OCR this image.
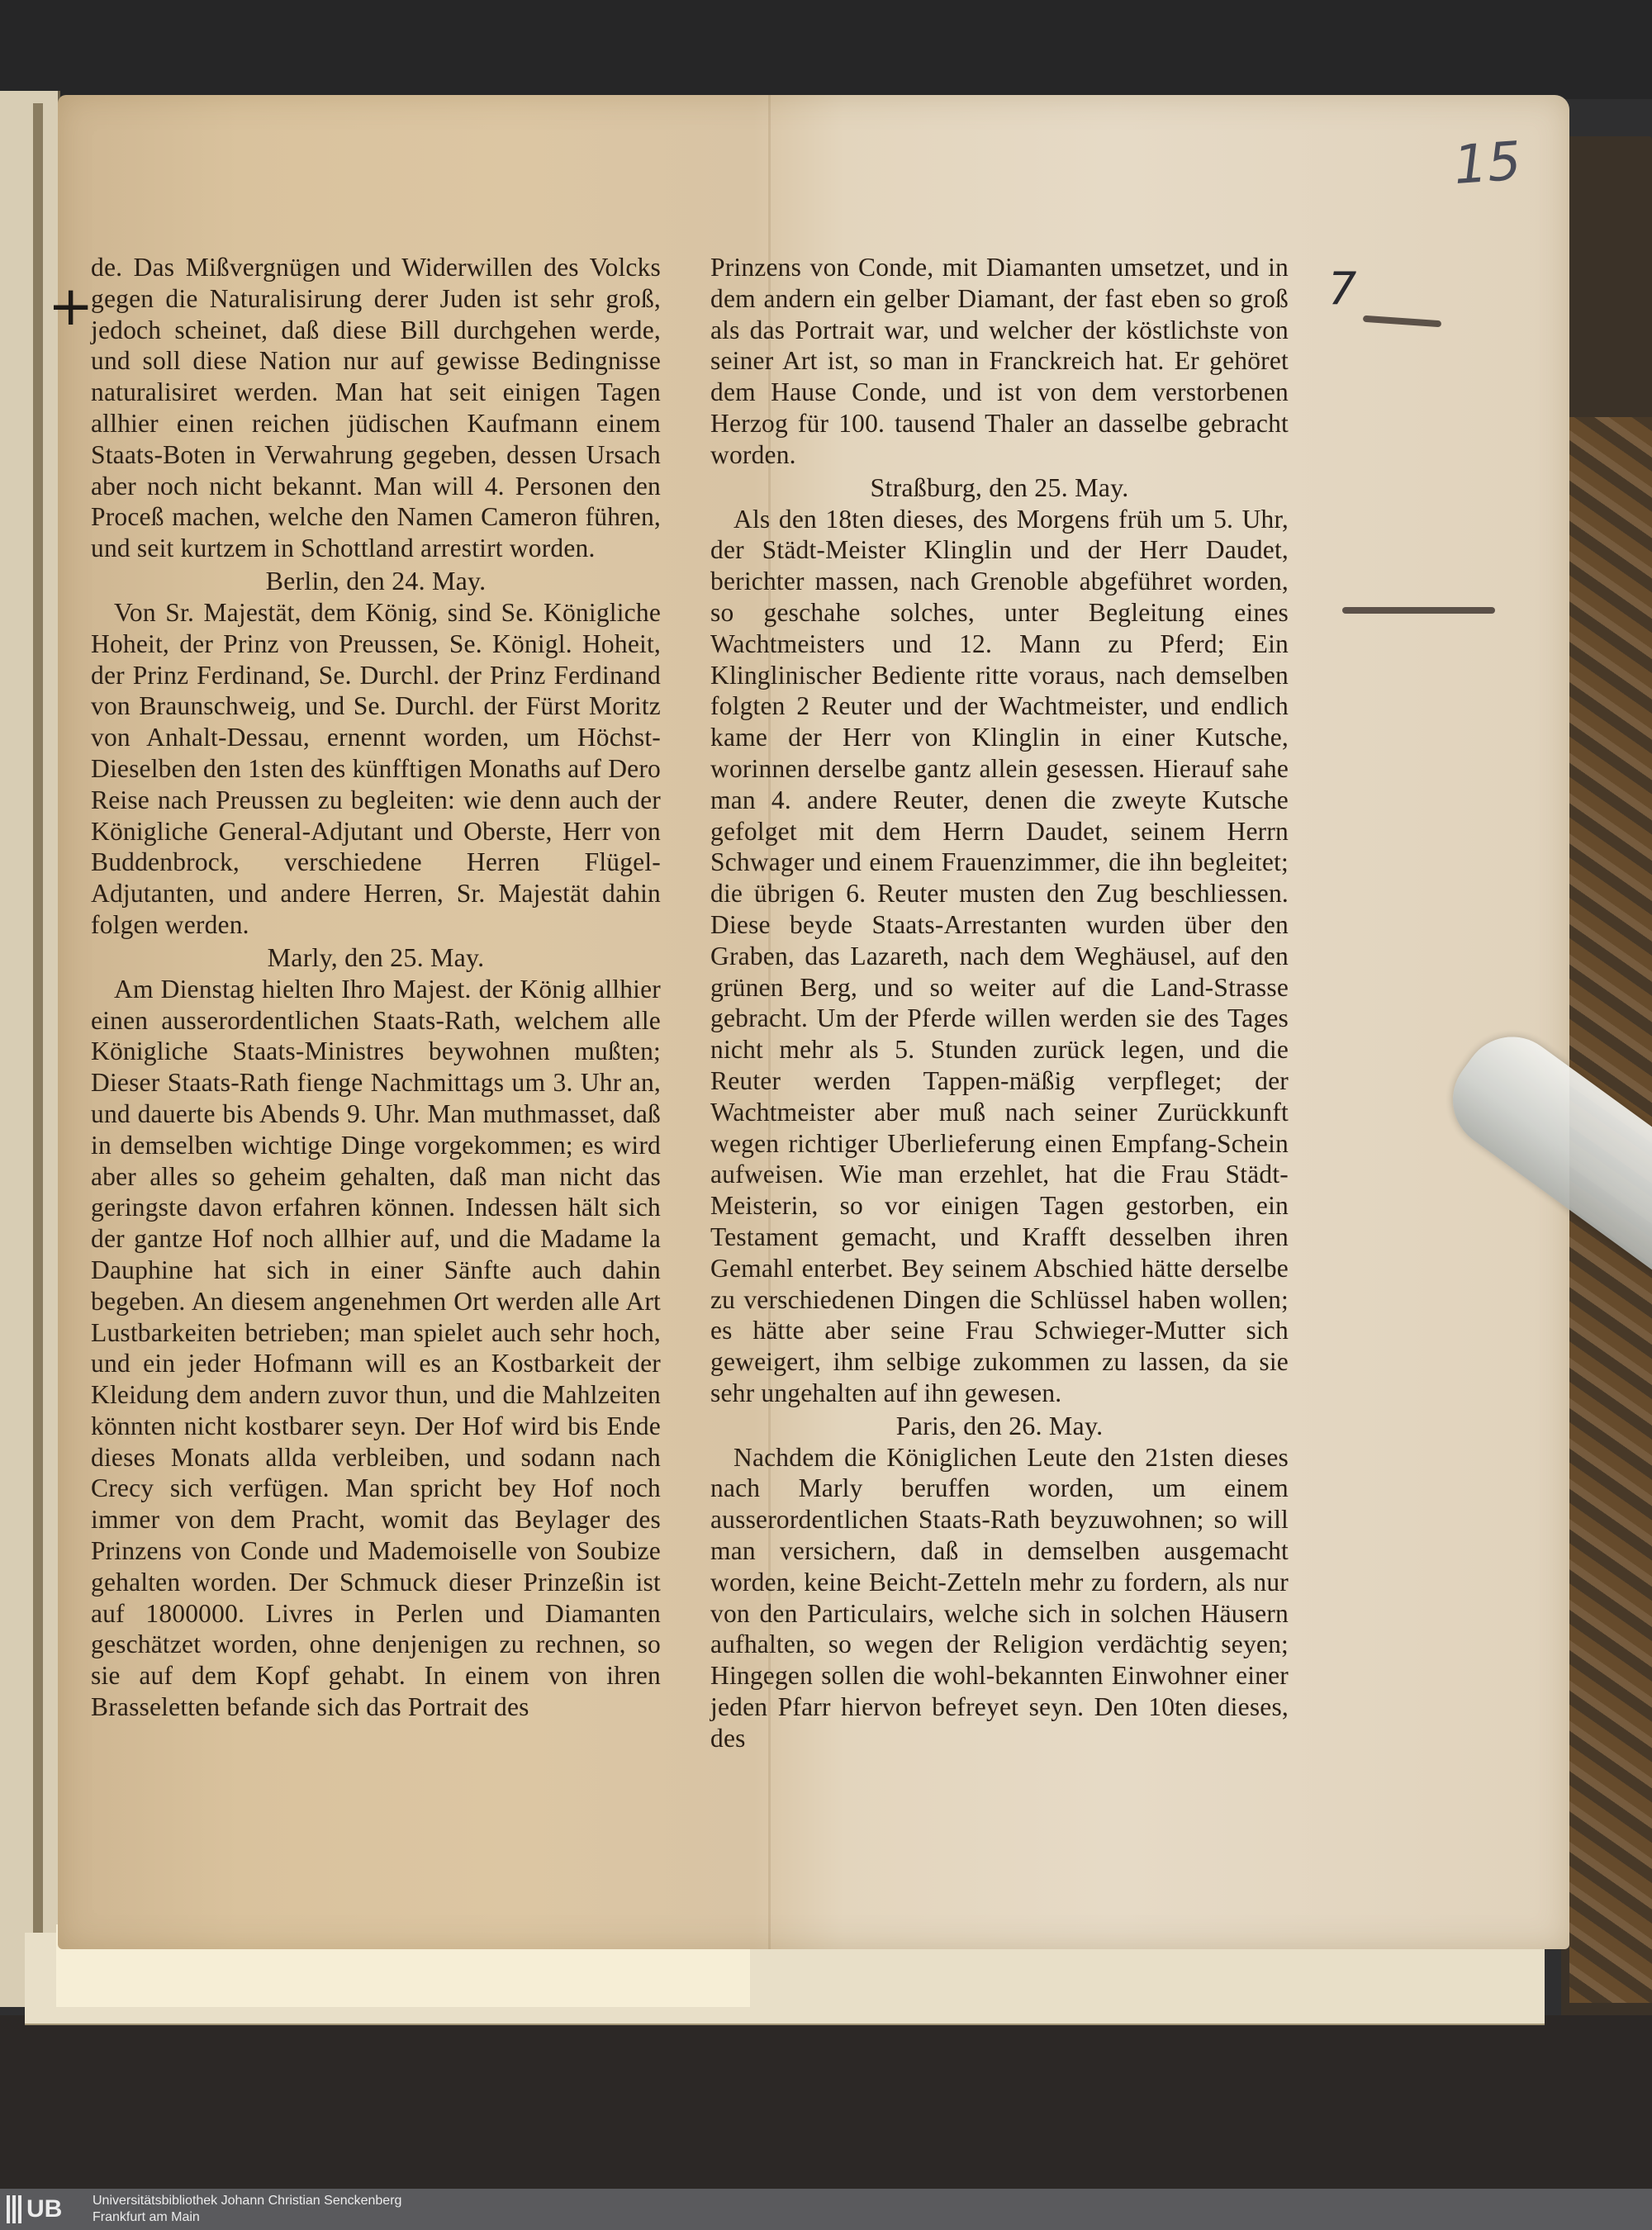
15
+	7

de. Das Mißvergnügen und Widerwillen des Volcks gegen die Naturalisirung derer Juden ist sehr groß, jedoch scheinet, daß diese Bill durchgehen werde, und soll diese Nation nur auf gewisse Bedingnisse naturalisiret werden. Man hat seit einigen Tagen allhier einen reichen jüdischen Kaufmann einem Staats-Boten in Verwahrung gegeben, dessen Ursach aber noch nicht bekannt. Man will 4. Personen den Proceß machen, welche den Namen Cameron führen, und seit kurtzem in Schottland arrestirt worden.

Berlin, den 24. May.

Von Sr. Majestät, dem König, sind Se. Königliche Hoheit, der Prinz von Preussen, Se. Königl. Hoheit, der Prinz Ferdinand, Se. Durchl. der Prinz Ferdinand von Braunschweig, und Se. Durchl. der Fürst Moritz von Anhalt-Dessau, ernennt worden, um Höchst-Dieselben den 1sten des künfftigen Monaths auf Dero Reise nach Preussen zu begleiten: wie denn auch der Königliche General-Adjutant und Oberste, Herr von Buddenbrock, verschiedene Herren Flügel-Adjutanten, und andere Herren, Sr. Majestät dahin folgen werden.

Marly, den 25. May.

Am Dienstag hielten Ihro Majest. der König allhier einen ausserordentlichen Staats-Rath, welchem alle Königliche Staats-Ministres beywohnen mußten; Dieser Staats-Rath fienge Nachmittags um 3. Uhr an, und dauerte bis Abends 9. Uhr. Man muthmasset, daß in demselben wichtige Dinge vorgekommen; es wird aber alles so geheim gehalten, daß man nicht das geringste davon erfahren können. Indessen hält sich der gantze Hof noch allhier auf, und die Madame la Dauphine hat sich in einer Sänfte auch dahin begeben. An diesem angenehmen Ort werden alle Art Lustbarkeiten betrieben; man spielet auch sehr hoch, und ein jeder Hofmann will es an Kostbarkeit der Kleidung dem andern zuvor thun, und die Mahlzeiten könnten nicht kostbarer seyn. Der Hof wird bis Ende dieses Monats allda verbleiben, und sodann nach Crecy sich verfügen. Man spricht bey Hof noch immer von dem Pracht, womit das Beylager des Prinzens von Conde und Mademoiselle von Soubize gehalten worden. Der Schmuck dieser Prinzeßin ist auf 1800000. Livres in Perlen und Diamanten geschätzet worden, ohne denjenigen zu rechnen, so sie auf dem Kopf gehabt. In einem von ihren Brasseletten befande sich das Portrait des

Prinzens von Conde, mit Diamanten umsetzet, und in dem andern ein gelber Diamant, der fast eben so groß als das Portrait war, und welcher der köstlichste von seiner Art ist, so man in Franckreich hat. Er gehöret dem Hause Conde, und ist von dem verstorbenen Herzog für 100. tausend Thaler an dasselbe gebracht worden.

Straßburg, den 25. May.

Als den 18ten dieses, des Morgens früh um 5. Uhr, der Städt-Meister Klinglin und der Herr Daudet, berichter massen, nach Grenoble abgeführet worden, so geschahe solches, unter Begleitung eines Wachtmeisters und 12. Mann zu Pferd; Ein Klinglinischer Bediente ritte voraus, nach demselben folgten 2 Reuter und der Wachtmeister, und endlich kame der Herr von Klinglin in einer Kutsche, worinnen derselbe gantz allein gesessen. Hierauf sahe man 4. andere Reuter, denen die zweyte Kutsche gefolget mit dem Herrn Daudet, seinem Herrn Schwager und einem Frauenzimmer, die ihn begleitet; die übrigen 6. Reuter musten den Zug beschliessen. Diese beyde Staats-Arrestanten wurden über den Graben, das Lazareth, nach dem Weghäusel, auf den grünen Berg, und so weiter auf die Land-Strasse gebracht. Um der Pferde willen werden sie des Tages nicht mehr als 5. Stunden zurück legen, und die Reuter werden Tappen-mäßig verpfleget; der Wachtmeister aber muß nach seiner Zurückkunft wegen richtiger Uberlieferung einen Empfang-Schein aufweisen. Wie man erzehlet, hat die Frau Städt-Meisterin, so vor einigen Tagen gestorben, ein Testament gemacht, und Krafft desselben ihren Gemahl enterbet. Bey seinem Abschied hätte derselbe zu verschiedenen Dingen die Schlüssel haben wollen; es hätte aber seine Frau Schwieger-Mutter sich geweigert, ihm selbige zukommen zu lassen, da sie sehr ungehalten auf ihn gewesen.

Paris, den 26. May.

Nachdem die Königlichen Leute den 21sten dieses nach Marly beruffen worden, um einem ausserordentlichen Staats-Rath beyzuwohnen; so will man versichern, daß in demselben ausgemacht worden, keine Beicht-Zetteln mehr zu fordern, als nur von den Particulairs, welche sich in solchen Häusern aufhalten, so wegen der Religion verdächtig seyen; Hingegen sollen die wohl-bekannten Einwohner einer jeden Pfarr hiervon befreyet seyn. Den 10ten dieses, des

UB Universitätsbibliothek Johann Christian Senckenberg
Frankfurt am Main
